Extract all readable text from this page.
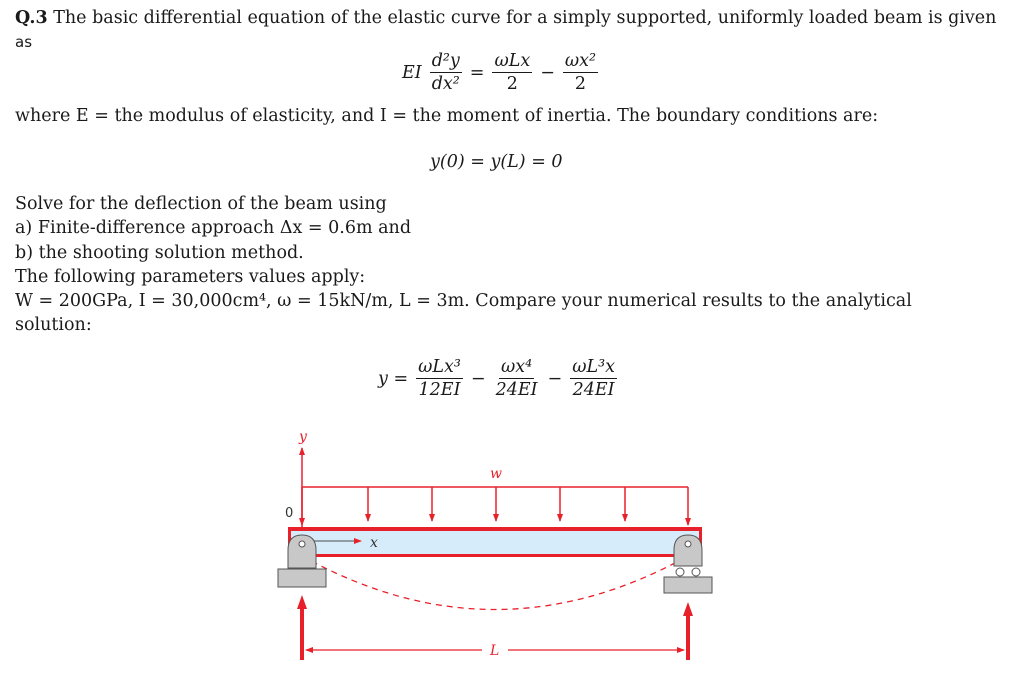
Q.3 The basic differential equation of the elastic curve for a simply supported, uniformly loaded beam is given
as
EI $\frac{\text{d²y}}{\text{dx²}} = \frac{\text{ωLx}}{2} - \frac{\text{ωx²}}{2}$
where E = the modulus of elasticity, and I = the moment of inertia. The boundary conditions are:
y(0) = y(L) = 0
Solve for the deflection of the beam using
a) Finite-difference approach Δx = 0.6m and
b) the shooting solution method.
The following parameters values apply:
W = 200GPa, I = 30,000cm⁴, ω = 15kN/m, L = 3m. Compare your numerical results to the analytical
solution:
$y = \frac{\text{ωLx³}}{12EI} - \frac{\text{ωx⁴}}{24EI} - \frac{\text{ωL³x}}{24EI}$
y
0
w
x
L
